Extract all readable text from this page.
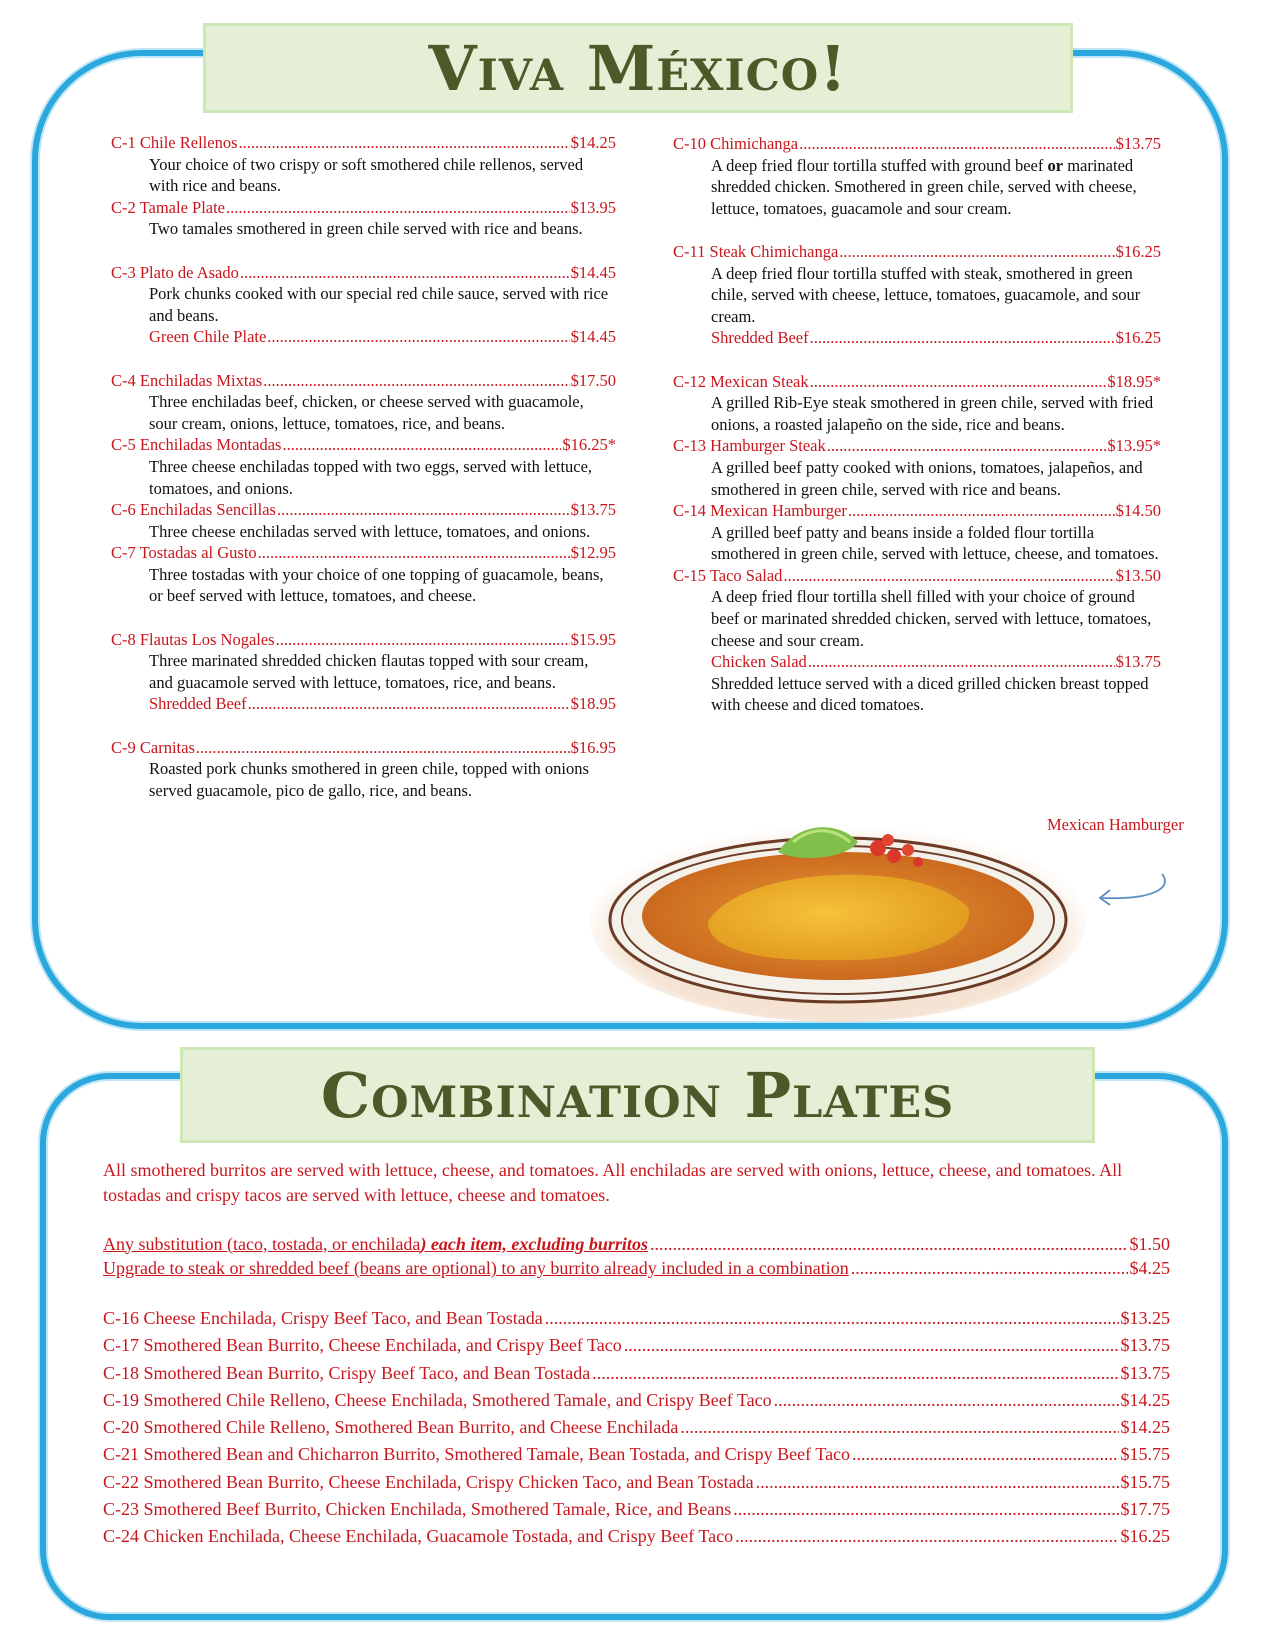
Viva México!
Combination Plates
C-1 Chile Rellenos .....	$14.25
Your choice of two crispy or soft smothered chile rellenos, served with rice and beans.
C-2 Tamale Plate .....	$13.95
Two tamales smothered in green chile served with rice and beans.
C-3 Plato de Asado .....	$14.45
Pork chunks cooked with our special red chile sauce, served with rice and beans.
Green Chile Plate .....	$14.45
C-4 Enchiladas Mixtas .....	$17.50
Three enchiladas beef, chicken, or cheese served with guacamole, sour cream, onions, lettuce, tomatoes, rice, and beans.
C-5 Enchiladas Montadas .....	$16.25*
Three cheese enchiladas topped with two eggs, served with lettuce, tomatoes, and onions.
C-6 Enchiladas Sencillas .....	$13.75
Three cheese enchiladas served with lettuce, tomatoes, and onions.
C-7 Tostadas al Gusto .....	$12.95
Three tostadas with your choice of one topping of guacamole, beans, or beef served with lettuce, tomatoes, and cheese.
C-8 Flautas Los Nogales .....	$15.95
Three marinated shredded chicken flautas topped with sour cream, and guacamole served with lettuce, tomatoes, rice, and beans.
Shredded Beef .....	$18.95
C-9 Carnitas .....	$16.95
Roasted pork chunks smothered in green chile, topped with onions served guacamole, pico de gallo, rice, and beans.
C-10 Chimichanga .....	$13.75
A deep fried flour tortilla stuffed with ground beef or marinated shredded chicken. Smothered in green chile, served with cheese, lettuce, tomatoes, guacamole and sour cream.
C-11 Steak Chimichanga .....	$16.25
A deep fried flour tortilla stuffed with steak, smothered in green chile, served with cheese, lettuce, tomatoes, guacamole, and sour cream.
Shredded Beef .....	$16.25
C-12 Mexican Steak .....	$18.95*
A grilled Rib-Eye steak smothered in green chile, served with fried onions, a roasted jalapeño on the side, rice and beans.
C-13 Hamburger Steak .....	$13.95*
A grilled beef patty cooked with onions, tomatoes, jalapeños, and smothered in green chile, served with rice and beans.
C-14 Mexican Hamburger .....	$14.50
A grilled beef patty and beans inside a folded flour tortilla smothered in green chile, served with lettuce, cheese, and tomatoes.
C-15 Taco Salad .....	$13.50
A deep fried flour tortilla shell filled with your choice of ground beef or marinated shredded chicken, served with lettuce, tomatoes, cheese and sour cream.
Chicken Salad .....	$13.75
Shredded lettuce served with a diced grilled chicken breast topped with cheese and diced tomatoes.
Mexican Hamburger
All smothered burritos are served with lettuce, cheese, and tomatoes. All enchiladas are served with onions, lettuce, cheese, and tomatoes. All tostadas and crispy tacos are served with lettuce, cheese and tomatoes.
Any substitution (taco, tostada, or enchilada) each item, excluding burritos .....	$1.50
Upgrade to steak or shredded beef (beans are optional) to any burrito already included in a combination .....	$4.25
C-16 Cheese Enchilada, Crispy Beef Taco, and Bean Tostada .....	$13.25
C-17 Smothered Bean Burrito, Cheese Enchilada, and Crispy Beef Taco .....	$13.75
C-18 Smothered Bean Burrito, Crispy Beef Taco, and Bean Tostada .....	$13.75
C-19 Smothered Chile Relleno, Cheese Enchilada, Smothered Tamale, and Crispy Beef Taco .....	$14.25
C-20 Smothered Chile Relleno, Smothered Bean Burrito, and Cheese Enchilada .....	$14.25
C-21 Smothered Bean and Chicharron Burrito, Smothered Tamale, Bean Tostada, and Crispy Beef Taco .....	$15.75
C-22 Smothered Bean Burrito, Cheese Enchilada, Crispy Chicken Taco, and Bean Tostada .....	$15.75
C-23 Smothered Beef Burrito, Chicken Enchilada, Smothered Tamale, Rice, and Beans .....	$17.75
C-24 Chicken Enchilada, Cheese Enchilada, Guacamole Tostada, and Crispy Beef Taco .....	$16.25
